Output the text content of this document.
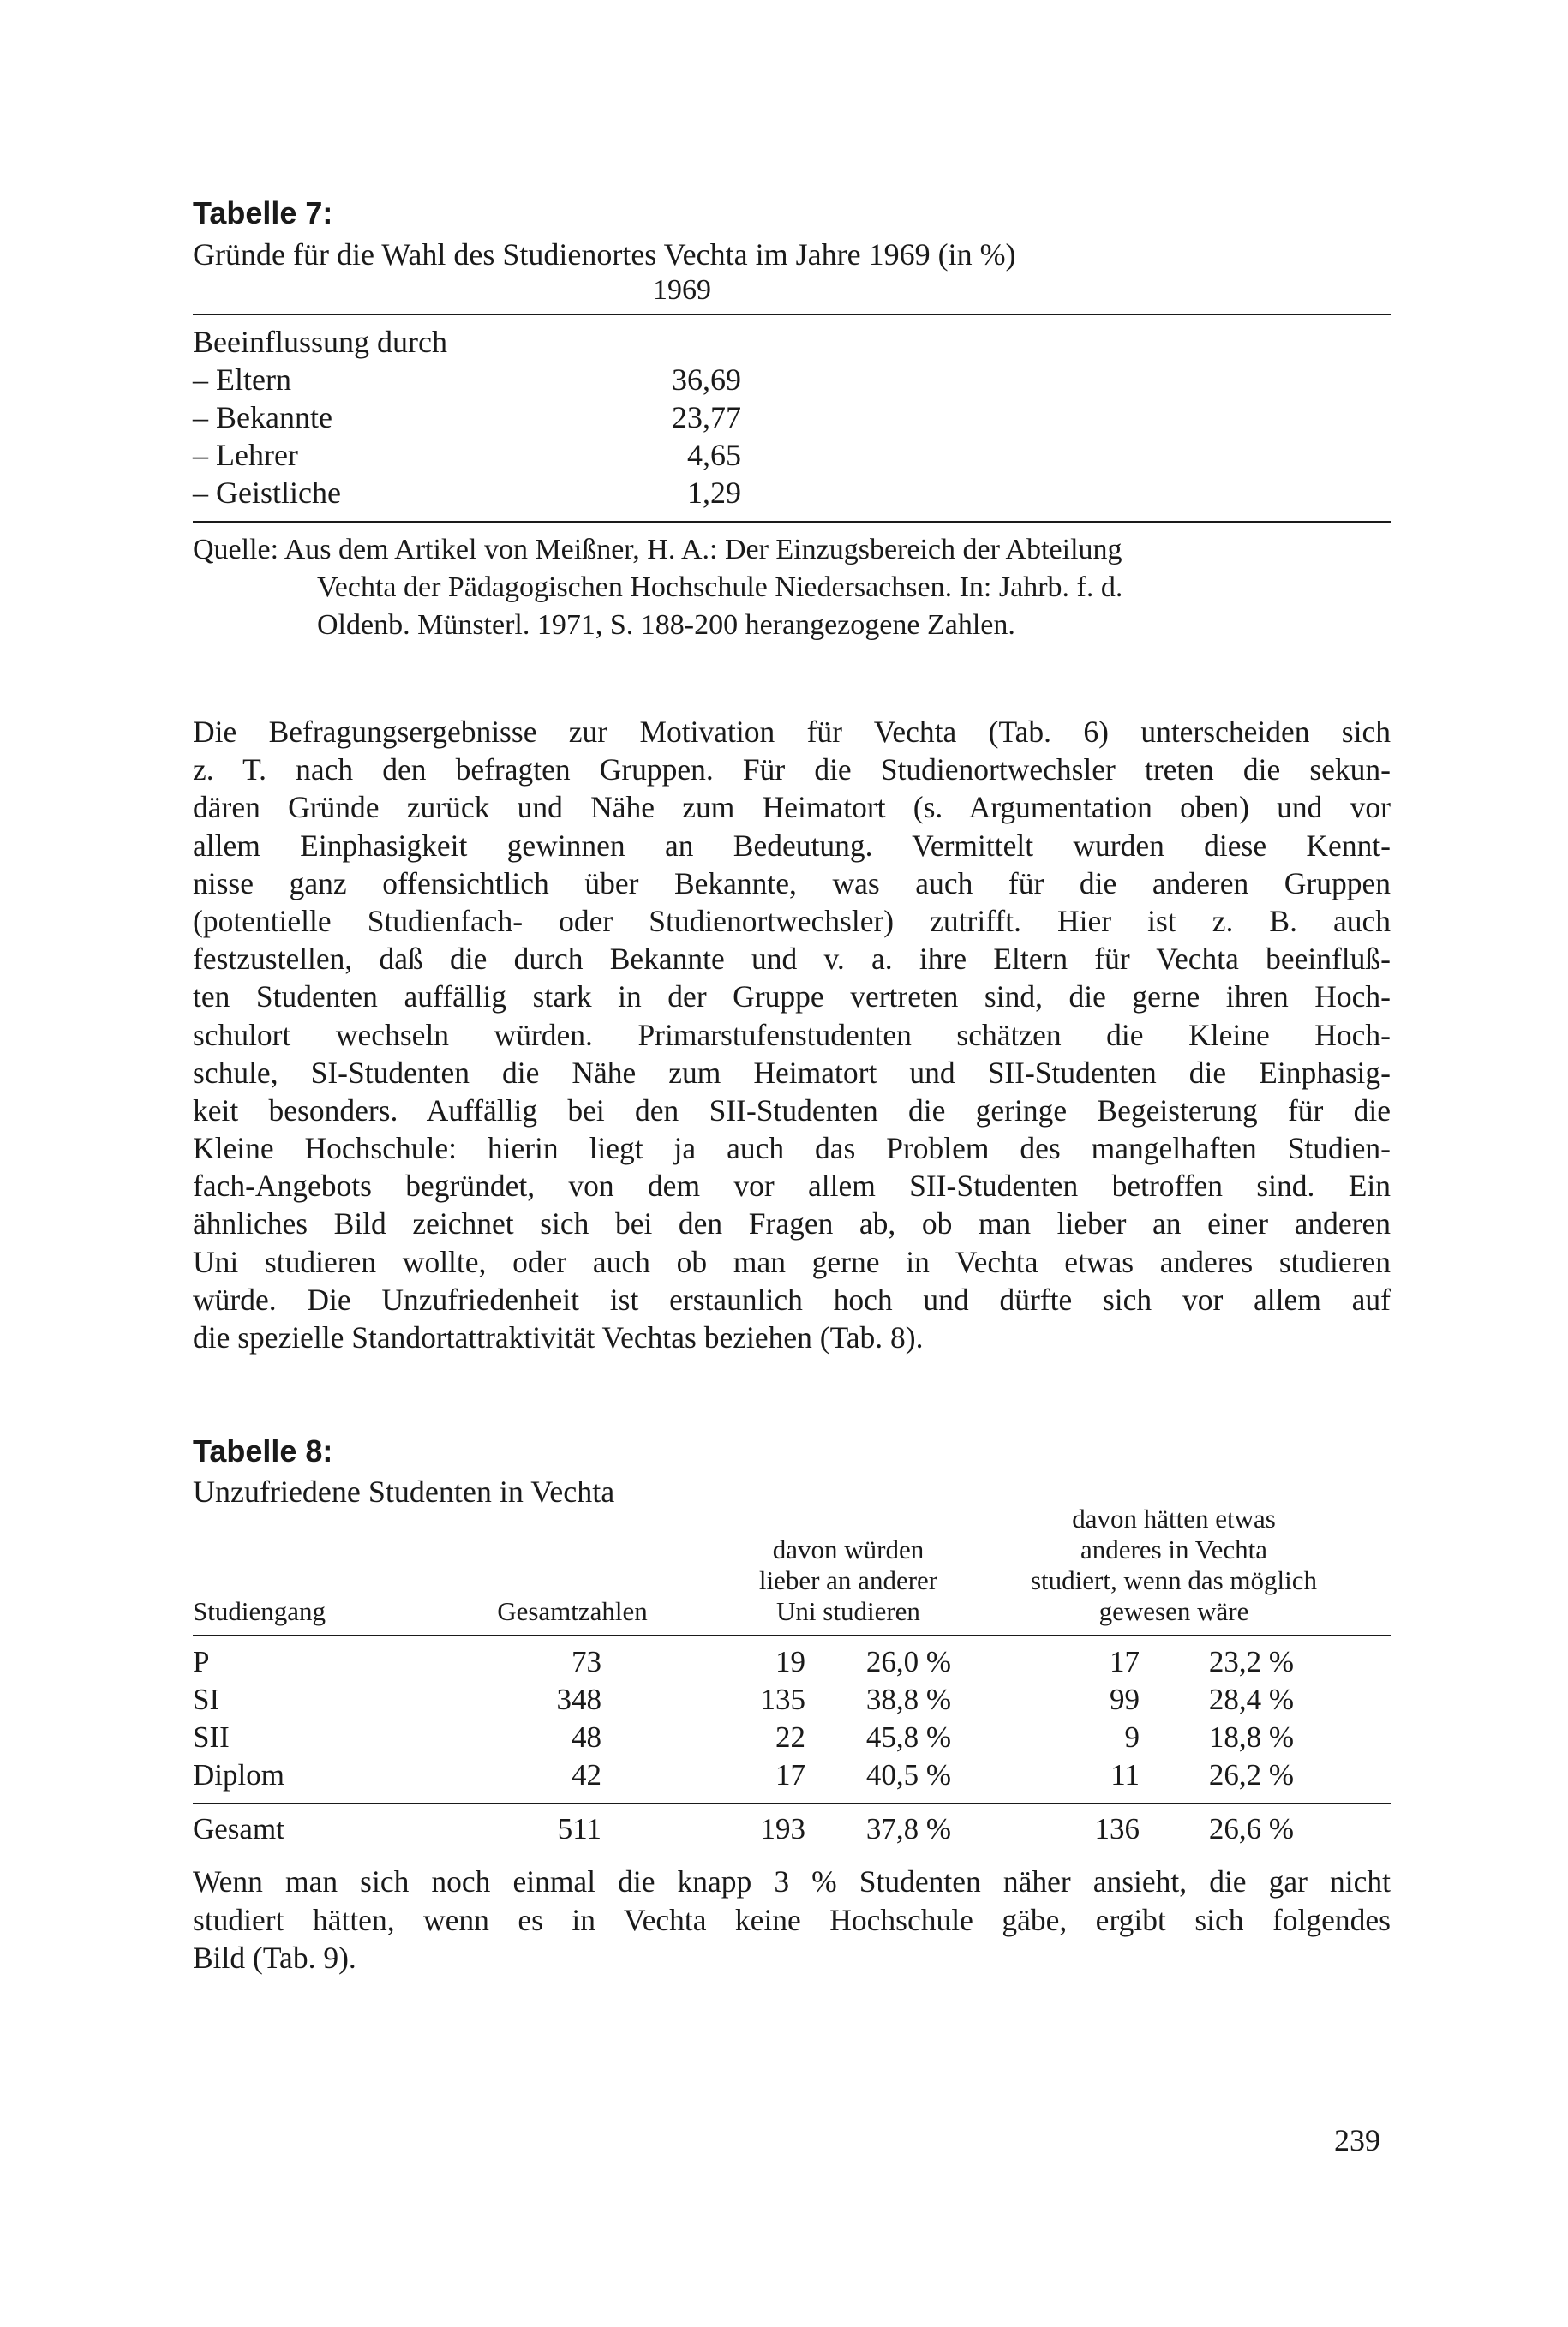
Tabelle 7:
Gründe für die Wahl des Studienortes Vechta im Jahre 1969 (in %)
1969
Beeinflussung durch
– Eltern	36,69
– Bekannte	23,77
– Lehrer	4,65
– Geistliche	1,29
Quelle: Aus dem Artikel von Meißner, H. A.: Der Einzugsbereich der Abteilung
Vechta der Pädagogischen Hochschule Niedersachsen. In: Jahrb. f. d.
Oldenb. Münsterl. 1971, S. 188-200 herangezogene Zahlen.
Die Befragungsergebnisse zur Motivation für Vechta (Tab. 6) unterscheiden sich
z. T. nach den befragten Gruppen. Für die Studienortwechsler treten die sekun-
dären Gründe zurück und Nähe zum Heimatort (s. Argumentation oben) und vor
allem Einphasigkeit gewinnen an Bedeutung. Vermittelt wurden diese Kennt-
nisse ganz offensichtlich über Bekannte, was auch für die anderen Gruppen
(potentielle Studienfach- oder Studienortwechsler) zutrifft. Hier ist z. B. auch
festzustellen, daß die durch Bekannte und v. a. ihre Eltern für Vechta beeinfluß-
ten Studenten auffällig stark in der Gruppe vertreten sind, die gerne ihren Hoch-
schulort wechseln würden. Primarstufenstudenten schätzen die Kleine Hoch-
schule, SI-Studenten die Nähe zum Heimatort und SII-Studenten die Einphasig-
keit besonders. Auffällig bei den SII-Studenten die geringe Begeisterung für die
Kleine Hochschule: hierin liegt ja auch das Problem des mangelhaften Studien-
fach-Angebots begründet, von dem vor allem SII-Studenten betroffen sind. Ein
ähnliches Bild zeichnet sich bei den Fragen ab, ob man lieber an einer anderen
Uni studieren wollte, oder auch ob man gerne in Vechta etwas anderes studieren
würde. Die Unzufriedenheit ist erstaunlich hoch und dürfte sich vor allem auf
die spezielle Standortattraktivität Vechtas beziehen (Tab. 8).
Tabelle 8:
Unzufriedene Studenten in Vechta
Studiengang	Gesamtzahlen
davon würden
lieber an anderer
Uni studieren
davon hätten etwas
anderes in Vechta
studiert, wenn das möglich
gewesen wäre
P	73	19	26,0 %	17	23,2 %
SI	348	135	38,8 %	99	28,4 %
SII	48	22	45,8 %	9	18,8 %
Diplom	42	17	40,5 %	11	26,2 %
Gesamt	511	193	37,8 %	136	26,6 %
Wenn man sich noch einmal die knapp 3 % Studenten näher ansieht, die gar nicht
studiert hätten, wenn es in Vechta keine Hochschule gäbe, ergibt sich folgendes
Bild (Tab. 9).
239
